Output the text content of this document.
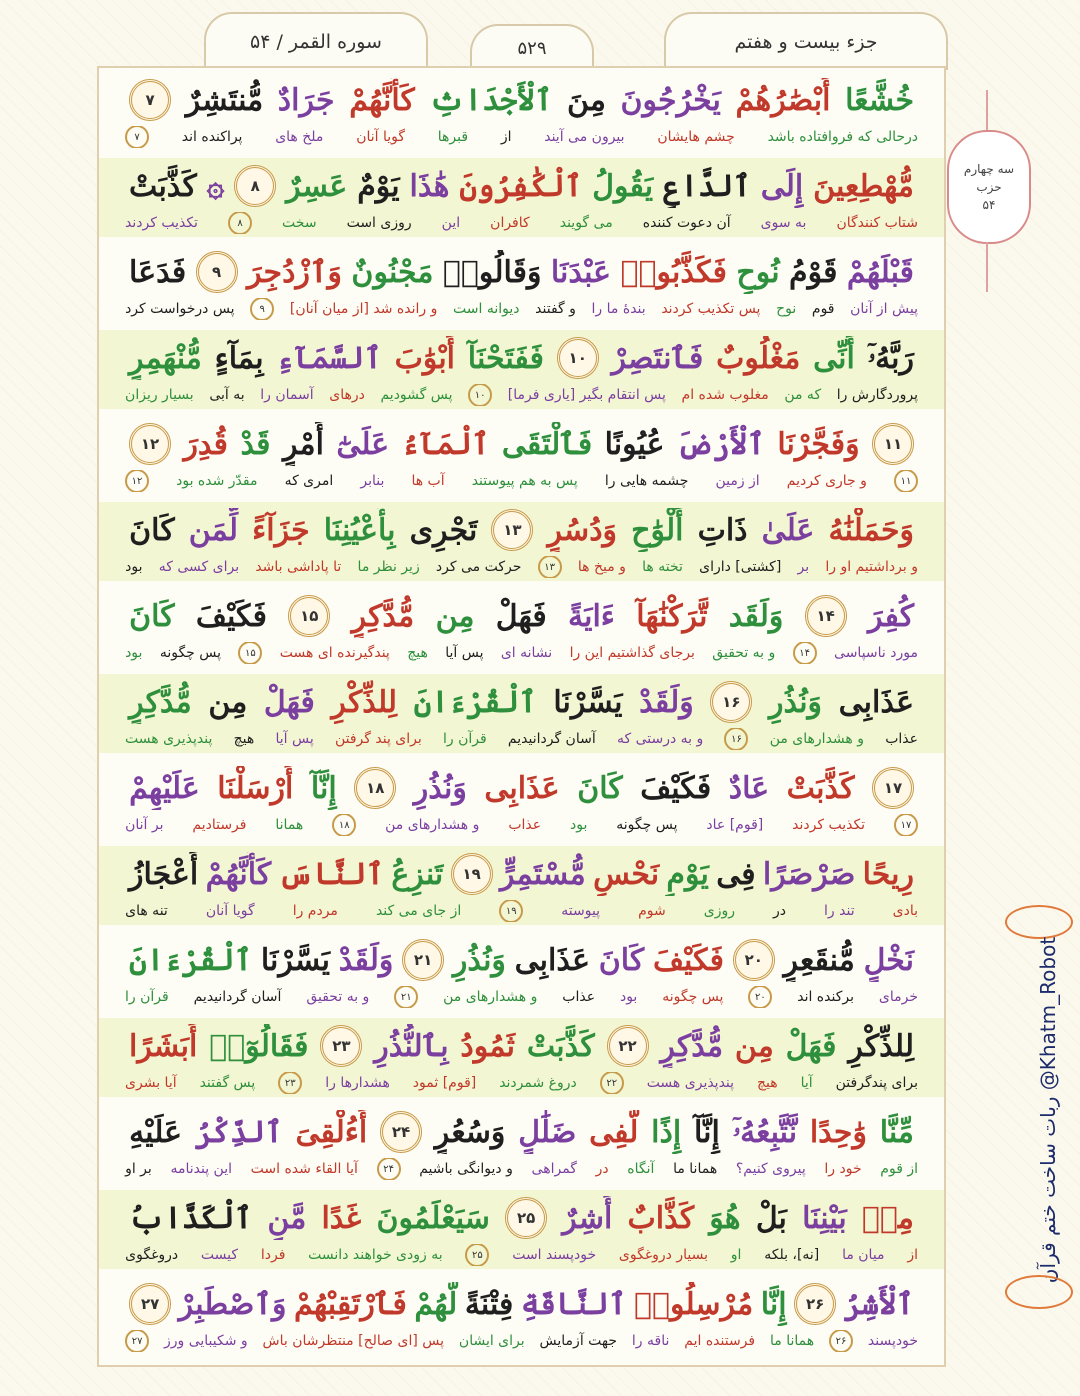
جزء بیست و هفتم
۵۲۹
سوره القمر / ۵۴
خُشَّعًا
أَبْصَٰرُهُمْ
يَخْرُجُونَ
مِنَ
ٱلْأَجْدَاثِ
كَأَنَّهُمْ
جَرَادٌ
مُّنتَشِرٌ
۷
درحالی که فروافتاده باشد
چشم هایشان
بیرون می آیند
از
قبرها
گویا آنان
ملخ های
پراکنده اند
۷
مُّهْطِعِينَ
إِلَى
ٱلدَّاعِ
يَقُولُ
ٱلْكَٰفِرُونَ
هَٰذَا
يَوْمٌ
عَسِرٌ
۸
۞
كَذَّبَتْ
شتاب کنندگان
به سوی
آن دعوت کننده
می گویند
کافران
این
روزی است
سخت
۸
تکذیب کردند
قَبْلَهُمْ
قَوْمُ
نُوحٍ
فَكَذَّبُوا۟
عَبْدَنَا
وَقَالُوا۟
مَجْنُونٌ
وَٱزْدُجِرَ
۹
فَدَعَا
پیش از آنان
قوم
نوح
پس تکذیب کردند
بندهٔ ما را
و گفتند
دیوانه است
و رانده شد [از میان آنان]
۹
پس درخواست کرد
رَبَّهُۥٓ
أَنِّى
مَغْلُوبٌ
فَٱنتَصِرْ
۱۰
فَفَتَحْنَآ
أَبْوَٰبَ
ٱلسَّمَآءِ
بِمَآءٍ
مُّنْهَمِرٍ
پروردگارش را
که من
مغلوب شده ام
پس انتقام بگیر [یاری فرما]
۱۰
پس گشودیم
درهای
آسمان را
به آبی
بسیار ریزان
۱۱
وَفَجَّرْنَا
ٱلْأَرْضَ
عُيُونًا
فَٱلْتَقَى
ٱلْمَآءُ
عَلَىٰٓ
أَمْرٍ
قَدْ
قُدِرَ
۱۲
۱۱
و جاری کردیم
از زمین
چشمه هایی را
پس به هم پیوستند
آب ها
بنابر
امری که
مقدّر شده بود
۱۲
وَحَمَلْنَٰهُ
عَلَىٰ
ذَاتِ
أَلْوَٰحٍ
وَدُسُرٍ
۱۳
تَجْرِى
بِأَعْيُنِنَا
جَزَآءً
لِّمَن
كَانَ
و برداشتیم او را
بر
[کشتی] دارای
تخته ها
و میخ ها
۱۳
حرکت می کرد
زیر نظر ما
تا پاداشی باشد
برای کسی که
بود
كُفِرَ
۱۴
وَلَقَد
تَّرَكْنَٰهَآ
ءَايَةً
فَهَلْ
مِن
مُّدَّكِرٍ
۱۵
فَكَيْفَ
كَانَ
مورد ناسپاسی
۱۴
و به تحقیق
برجای گذاشتیم این را
نشانه ای
پس آیا
هیچ
پندگیرنده ای هست
۱۵
پس چگونه
بود
عَذَابِى
وَنُذُرِ
۱۶
وَلَقَدْ
يَسَّرْنَا
ٱلْقُرْءَانَ
لِلذِّكْرِ
فَهَلْ
مِن
مُّدَّكِرٍ
عذاب
و هشدارهای من
۱۶
و به درستی که
آسان گردانیدیم
قرآن را
برای پند گرفتن
پس آیا
هیچ
پندپذیری هست
۱۷
كَذَّبَتْ
عَادٌ
فَكَيْفَ
كَانَ
عَذَابِى
وَنُذُرِ
۱۸
إِنَّآ
أَرْسَلْنَا
عَلَيْهِمْ
۱۷
تکذیب کردند
[قوم] عاد
پس چگونه
بود
عذاب
و هشدارهای من
۱۸
همانا
فرستادیم
بر آنان
رِيحًا
صَرْصَرًا
فِى
يَوْمِ
نَحْسٍ
مُّسْتَمِرٍّ
۱۹
تَنزِعُ
ٱلنَّاسَ
كَأَنَّهُمْ
أَعْجَازُ
بادی
تند را
در
روزی
شوم
پیوسته
۱۹
از جای می کند
مردم را
گویا آنان
تنه های
نَخْلٍ
مُّنقَعِرٍ
۲۰
فَكَيْفَ
كَانَ
عَذَابِى
وَنُذُرِ
۲۱
وَلَقَدْ
يَسَّرْنَا
ٱلْقُرْءَانَ
خرمای
برکنده اند
۲۰
پس چگونه
بود
عذاب
و هشدارهای من
۲۱
و به تحقیق
آسان گردانیدیم
قرآن را
لِلذِّكْرِ
فَهَلْ
مِن
مُّدَّكِرٍ
۲۲
كَذَّبَتْ
ثَمُودُ
بِٱلنُّذُرِ
۲۳
فَقَالُوٓا۟
أَبَشَرًا
برای پندگرفتن
آیا
هیچ
پندپذیری هست
۲۲
دروغ شمردند
[قوم] ثمود
هشدارها را
۲۳
پس گفتند
آیا بشری
مِّنَّا
وَٰحِدًا
نَّتَّبِعُهُۥٓ
إِنَّآ
إِذًا
لَّفِى
ضَلَٰلٍ
وَسُعُرٍ
۲۴
أَءُلْقِىَ
ٱلذِّكْرُ
عَلَيْهِ
از قوم
خود را
پیروی کنیم؟
همانا ما
آنگاه
در
گمراهی
و دیوانگی باشیم
۲۴
آیا القاء شده است
این پندنامه
بر او
مِنۢ
بَيْنِنَا
بَلْ
هُوَ
كَذَّابٌ
أَشِرٌ
۲۵
سَيَعْلَمُونَ
غَدًا
مَّنِ
ٱلْكَذَّابُ
از
میان ما
[نه]، بلکه
او
بسیار دروغگوی
خودپسند است
۲۵
به زودی خواهند دانست
فردا
کیست
دروغگوی
ٱلْأَشِرُ
۲۶
إِنَّا
مُرْسِلُوا۟
ٱلنَّاقَةِ
فِتْنَةً
لَّهُمْ
فَٱرْتَقِبْهُمْ
وَٱصْطَبِرْ
۲۷
خودپسند
۲۶
همانا ما
فرستنده ایم
ناقه را
جهت آزمایش
برای ایشان
پس [ای صالح] منتظرشان باش
و شکیبایی ورز
۲۷
سه چهارم
حزب
۵۴
ربات ساخت ختم قرآن @Khatm_Robot
